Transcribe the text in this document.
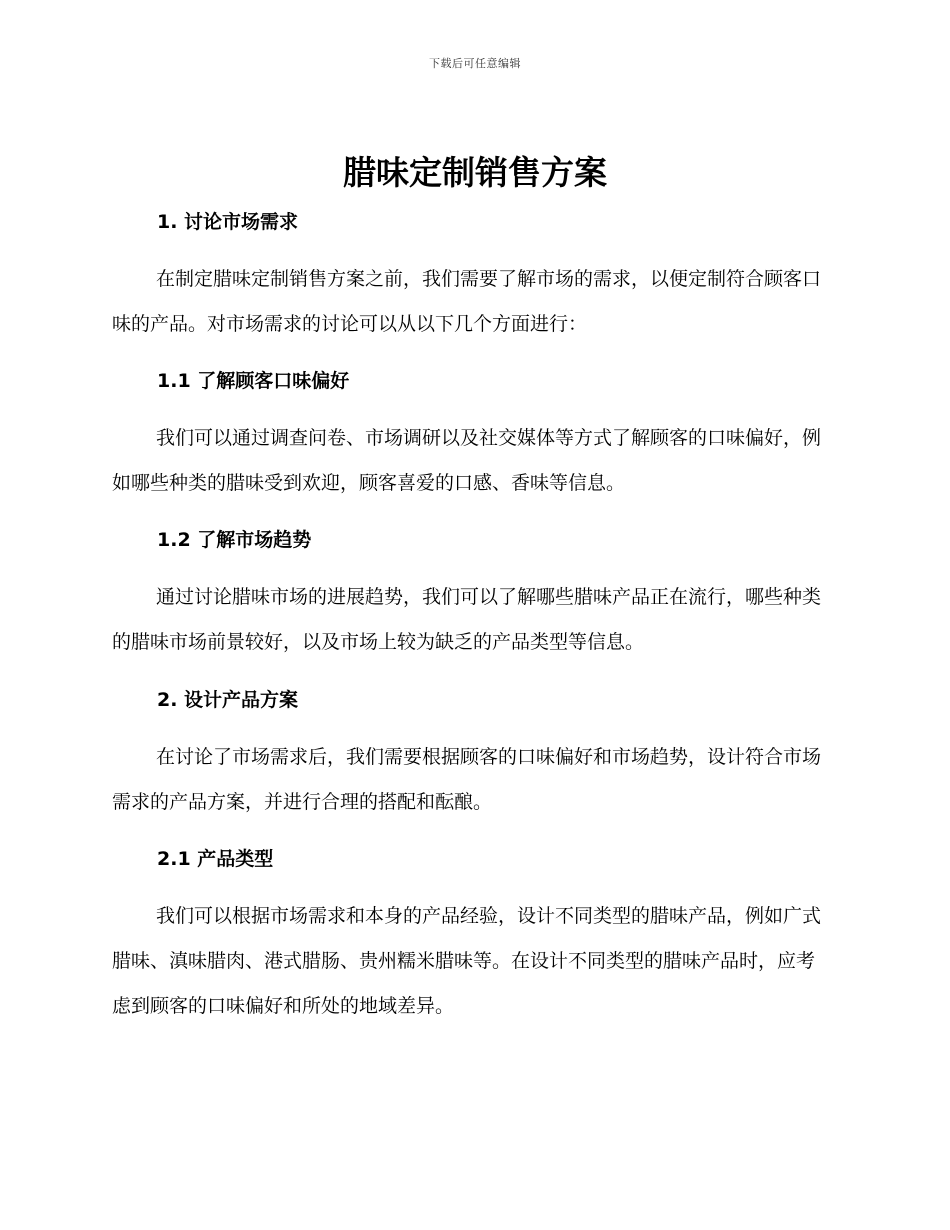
下载后可任意编辑
腊味定制销售方案
1. 讨论市场需求

在制定腊味定制销售方案之前，我们需要了解市场的需求，以便定制符合顾客口味的产品。对市场需求的讨论可以从以下几个方面进行：

1.1 了解顾客口味偏好

我们可以通过调查问卷、市场调研以及社交媒体等方式了解顾客的口味偏好，例如哪些种类的腊味受到欢迎，顾客喜爱的口感、香味等信息。

1.2 了解市场趋势

通过讨论腊味市场的进展趋势，我们可以了解哪些腊味产品正在流行，哪些种类的腊味市场前景较好，以及市场上较为缺乏的产品类型等信息。

2. 设计产品方案

在讨论了市场需求后，我们需要根据顾客的口味偏好和市场趋势，设计符合市场需求的产品方案，并进行合理的搭配和酝酿。

2.1 产品类型

我们可以根据市场需求和本身的产品经验，设计不同类型的腊味产品，例如广式腊味、滇味腊肉、港式腊肠、贵州糯米腊味等。在设计不同类型的腊味产品时，应考虑到顾客的口味偏好和所处的地域差异。
